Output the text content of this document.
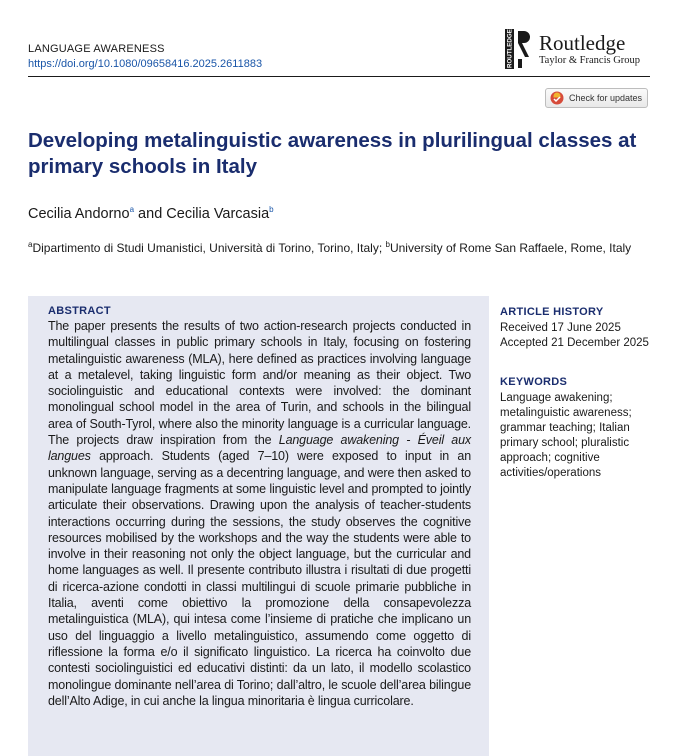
LANGUAGE AWARENESS
https://doi.org/10.1080/09658416.2025.2611883	ROUTLEDGE Routledge
Taylor & Francis Group
Check for updates
Developing metalinguistic awareness in plurilingual classes at primary schools in Italy
Cecilia Andorno$^a$ and Cecilia Varcasia$^b$
$^a$Dipartimento di Studi Umanistici, Università di Torino, Torino, Italy; $^b$University of Rome San Raffaele, Rome, Italy
ABSTRACT

The paper presents the results of two action-research projects conducted in multilingual classes in public primary schools in Italy, focusing on fostering metalinguistic awareness (MLA), here defined as practices involving language at a metalevel, taking linguistic form and/or meaning as their object. Two sociolinguistic and educational contexts were involved: the dominant monolingual school model in the area of Turin, and schools in the bilingual area of South-Tyrol, where also the minority language is a curricular language. The projects draw inspiration from the Language awakening - Éveil aux langues approach. Students (aged 7–10) were exposed to input in an unknown language, serving as a decentring language, and were then asked to manipulate language fragments at some linguistic level and prompted to jointly articulate their observations. Drawing upon the analysis of teacher-students interactions occurring during the sessions, the study observes the cognitive resources mobilised by the workshops and the way the students were able to involve in their reasoning not only the object language, but the curricular and home languages as well. Il presente contributo illustra i risultati di due progetti di ricerca-azione condotti in classi multilingui di scuole primarie pubbliche in Italia, aventi come obiettivo la promozione della consapevolezza metalinguistica (MLA), qui intesa come l’insieme di pratiche che implicano un uso del linguaggio a livello metalinguistico, assumendo come oggetto di riflessione la forma e/o il significato linguistico. La ricerca ha coinvolto due contesti sociolinguistici ed educativi distinti: da un lato, il modello scolastico monolingue dominante nell’area di Torino; dall’altro, le scuole dell’area bilingue dell’Alto Adige, in cui anche la lingua minoritaria è lingua curricolare.

ARTICLE HISTORY
Received 17 June 2025
Accepted 21 December 2025
KEYWORDS
Language awakening; metalinguistic awareness; grammar teaching; Italian primary school; pluralistic approach; cognitive activities/operations
